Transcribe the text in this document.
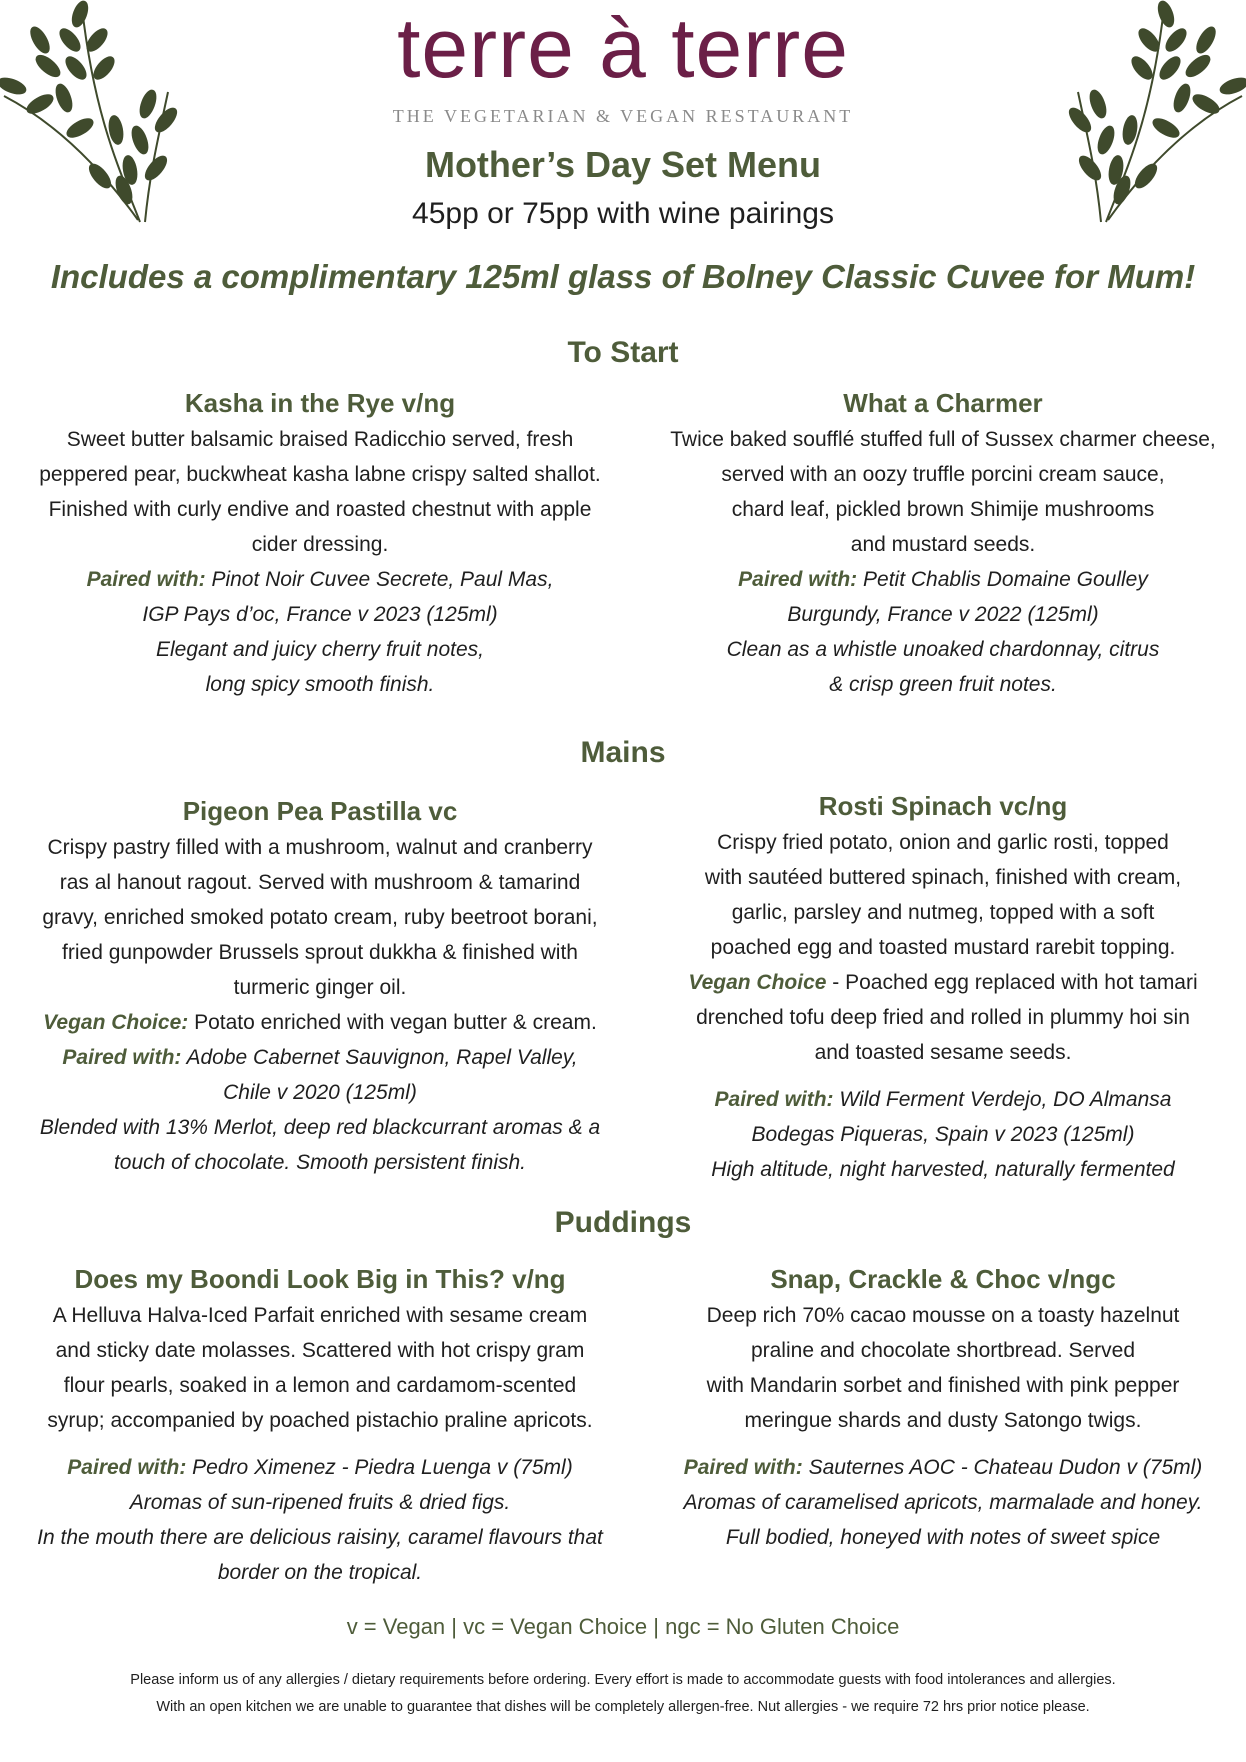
terre à terre
THE VEGETARIAN & VEGAN RESTAURANT
Mother’s Day Set Menu
45pp or 75pp with wine pairings
Includes a complimentary 125ml glass of Bolney Classic Cuvee for Mum!
To Start
Kasha in the Rye v/ng
Sweet butter balsamic braised Radicchio served, fresh
peppered pear, buckwheat kasha labne crispy salted shallot.
Finished with curly endive and roasted chestnut with apple
cider dressing.
Paired with: Pinot Noir Cuvee Secrete, Paul Mas,
IGP Pays d’oc, France v 2023 (125ml)
Elegant and juicy cherry fruit notes,
long spicy smooth finish.
What a Charmer
Twice baked soufflé stuffed full of Sussex charmer cheese,
served with an oozy truffle porcini cream sauce,
chard leaf, pickled brown Shimije mushrooms
and mustard seeds.
Paired with: Petit Chablis Domaine Goulley
Burgundy, France v 2022 (125ml)
Clean as a whistle unoaked chardonnay, citrus
& crisp green fruit notes.
Mains
Pigeon Pea Pastilla vc
Crispy pastry filled with a mushroom, walnut and cranberry
ras al hanout ragout. Served with mushroom & tamarind
gravy, enriched smoked potato cream, ruby beetroot borani,
fried gunpowder Brussels sprout dukkha & finished with
turmeric ginger oil.
Vegan Choice: Potato enriched with vegan butter & cream.
Paired with: Adobe Cabernet Sauvignon, Rapel Valley,
Chile v 2020 (125ml)
Blended with 13% Merlot, deep red blackcurrant aromas & a
touch of chocolate. Smooth persistent finish.
Rosti Spinach vc/ng
Crispy fried potato, onion and garlic rosti, topped
with sautéed buttered spinach, finished with cream,
garlic, parsley and nutmeg, topped with a soft
poached egg and toasted mustard rarebit topping.
Vegan Choice - Poached egg replaced with hot tamari
drenched tofu deep fried and rolled in plummy hoi sin
and toasted sesame seeds.
Paired with: Wild Ferment Verdejo, DO Almansa
Bodegas Piqueras, Spain v 2023 (125ml)
High altitude, night harvested, naturally fermented
Puddings
Does my Boondi Look Big in This? v/ng
A Helluva Halva-Iced Parfait enriched with sesame cream
and sticky date molasses. Scattered with hot crispy gram
flour pearls, soaked in a lemon and cardamom-scented
syrup; accompanied by poached pistachio praline apricots.
Paired with: Pedro Ximenez - Piedra Luenga v (75ml)
Aromas of sun-ripened fruits & dried figs.
In the mouth there are delicious raisiny, caramel flavours that
border on the tropical.
Snap, Crackle & Choc v/ngc
Deep rich 70% cacao mousse on a toasty hazelnut
praline and chocolate shortbread. Served
with Mandarin sorbet and finished with pink pepper
meringue shards and dusty Satongo twigs.
Paired with: Sauternes AOC - Chateau Dudon v (75ml)
Aromas of caramelised apricots, marmalade and honey.
Full bodied, honeyed with notes of sweet spice
v = Vegan | vc = Vegan Choice | ngc = No Gluten Choice
Please inform us of any allergies / dietary requirements before ordering. Every effort is made to accommodate guests with food intolerances and allergies.
With an open kitchen we are unable to guarantee that dishes will be completely allergen-free. Nut allergies - we require 72 hrs prior notice please.
